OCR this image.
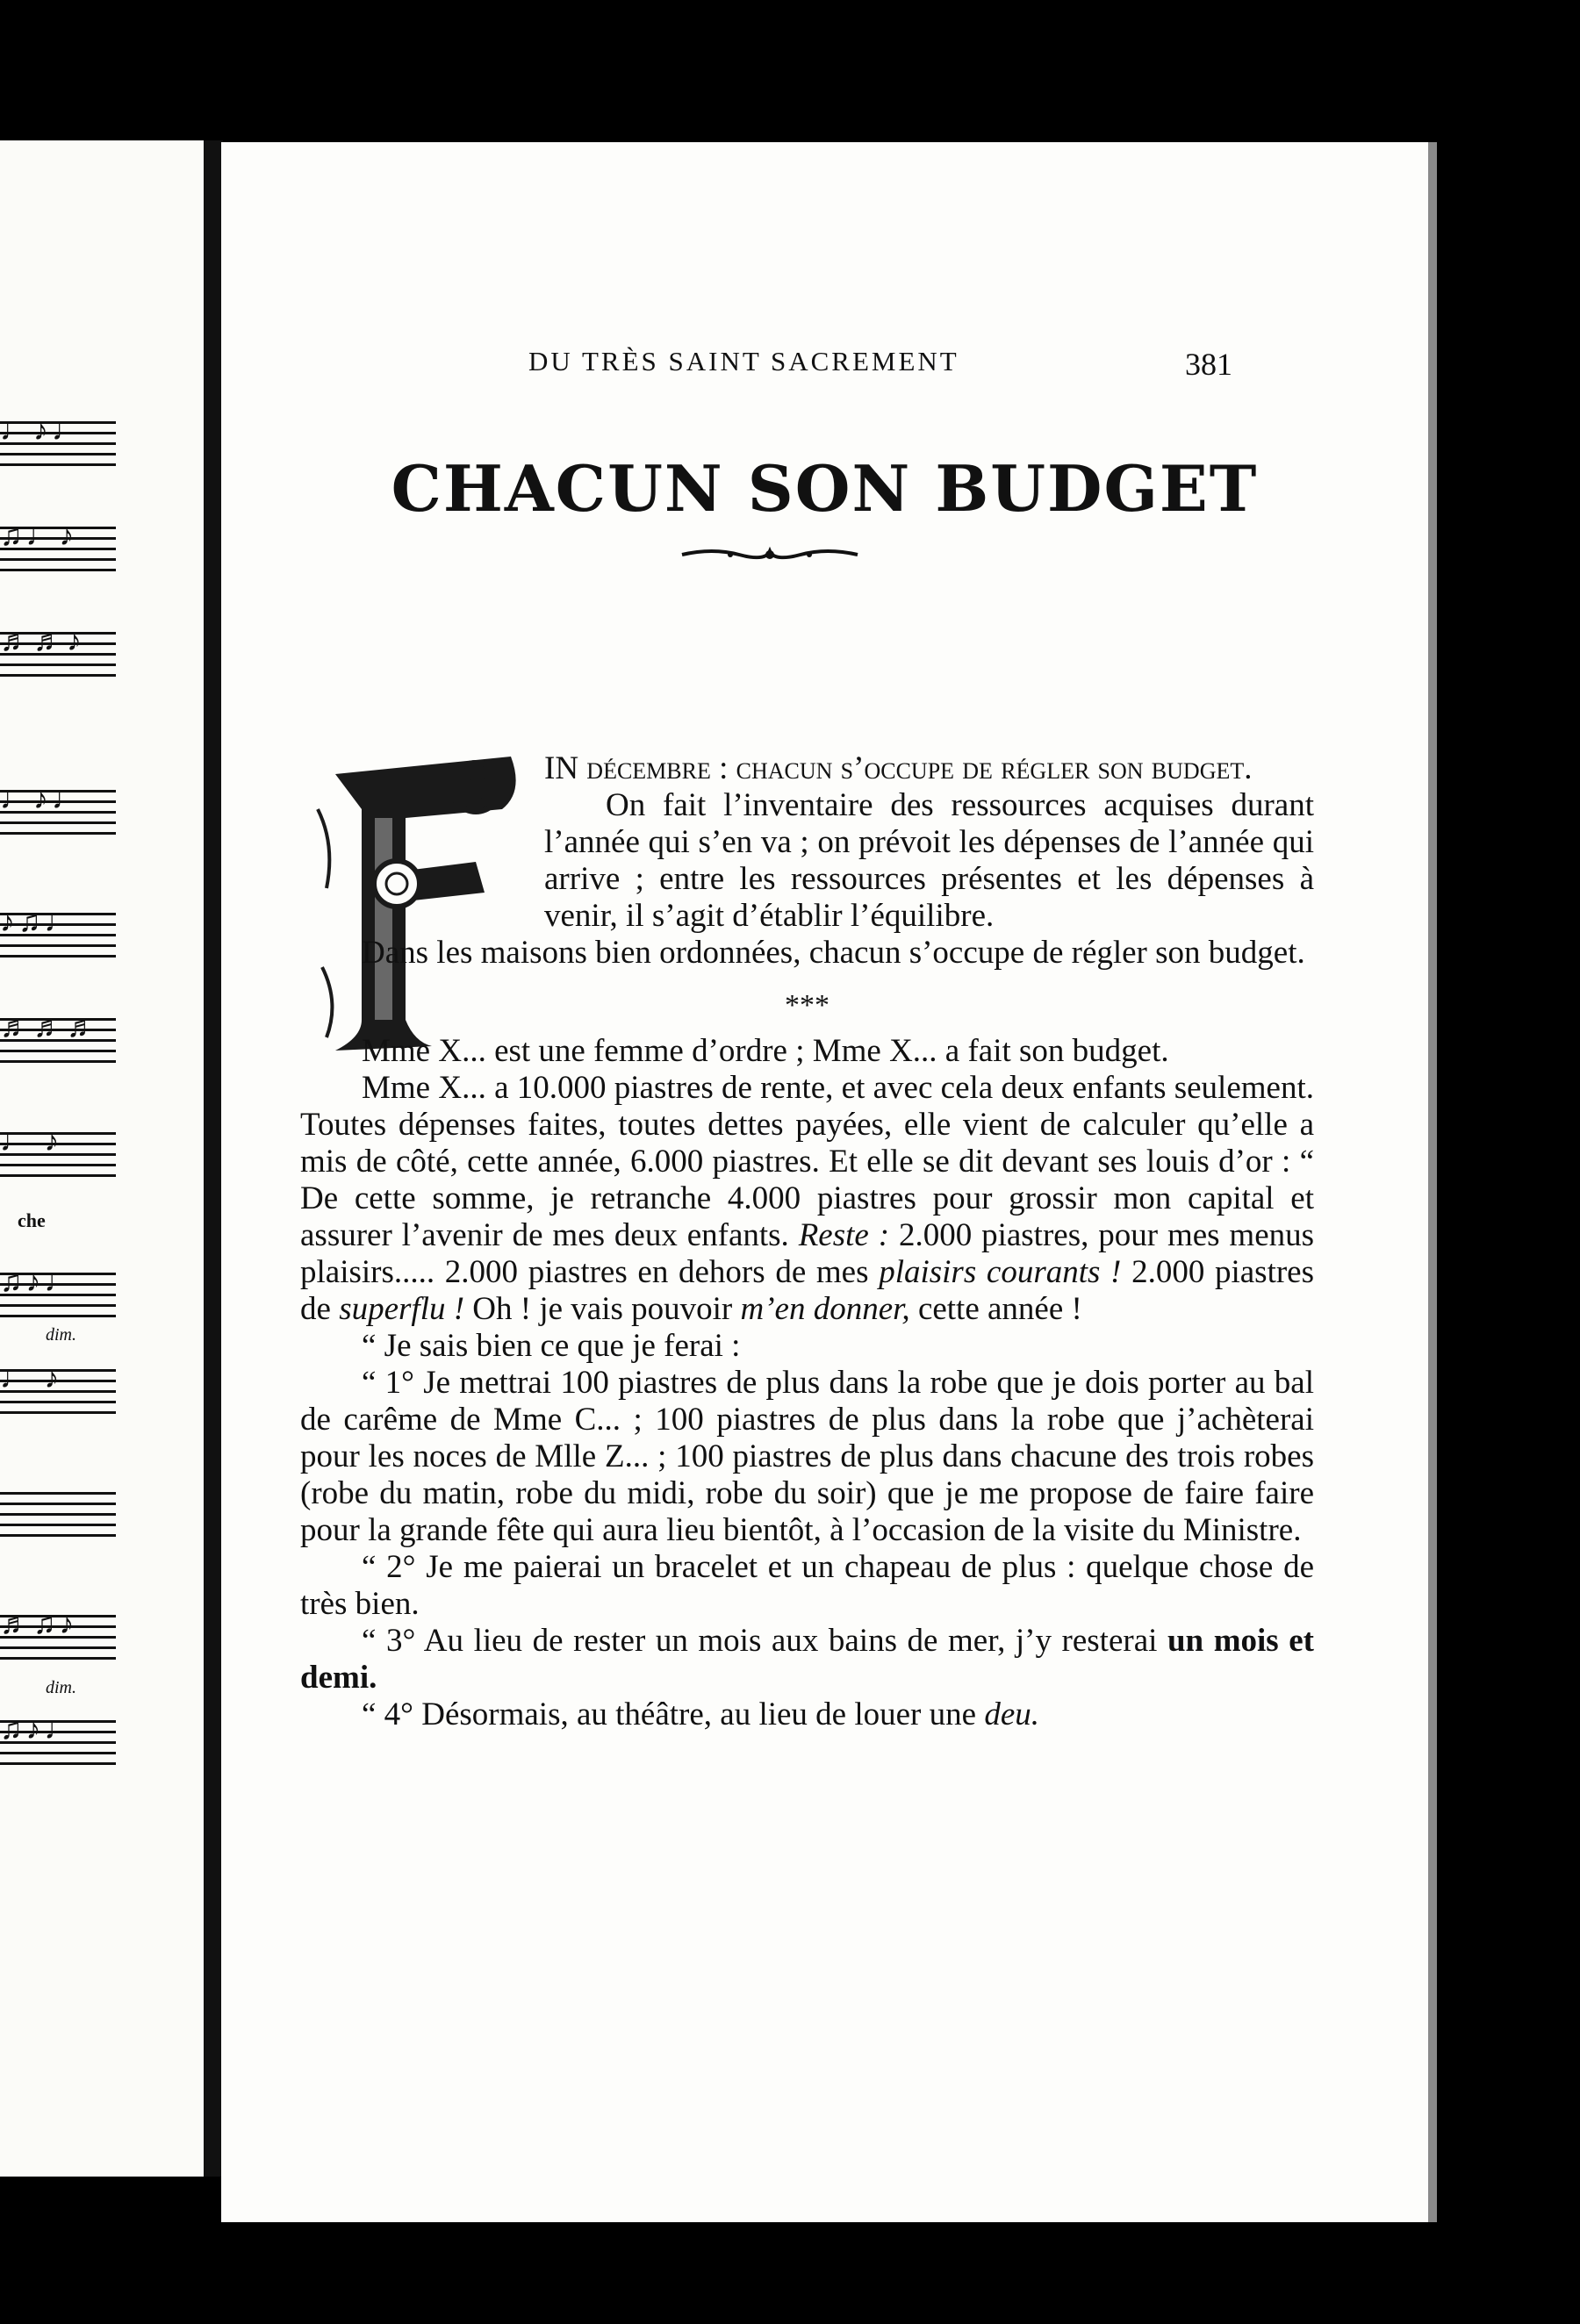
♩♪♩
♫♩♪
♬♬♪
♩♪♩
♪♫♩
♬♬♬
♩ ♪
che
♫♪♩
dim.
♩ ♪
♬♫♪
dim.
♫♪♩
DU TRÈS SAINT SACREMENT	381
CHACUN SON BUDGET

IN décembre : chacun s’occupe de régler son budget.

On fait l’inventaire des ressources acquises durant l’année qui s’en va ; on prévoit les dépenses de l’année qui arrive ; entre les ressources présentes et les dépenses à venir, il s’agit d’établir l’équilibre.

Dans les maisons bien ordonnées, chacun s’occupe de régler son budget.

***

Mme X... est une femme d’ordre ; Mme X... a fait son budget.

Mme X... a 10.000 piastres de rente, et avec cela deux enfants seulement. Toutes dépenses faites, toutes dettes payées, elle vient de calculer qu’elle a mis de côté, cette année, 6.000 piastres. Et elle se dit devant ses louis d’or : “ De cette somme, je retranche 4.000 piastres pour grossir mon capital et assurer l’avenir de mes deux enfants. Reste : 2.000 piastres, pour mes menus plaisirs..... 2.000 piastres en dehors de mes plaisirs courants ! 2.000 piastres de superflu ! Oh ! je vais pouvoir m’en donner, cette année !

“ Je sais bien ce que je ferai :

“ 1° Je mettrai 100 piastres de plus dans la robe que je dois porter au bal de carême de Mme C... ; 100 piastres de plus dans la robe que j’achèterai pour les noces de Mlle Z... ; 100 piastres de plus dans chacune des trois robes (robe du matin, robe du midi, robe du soir) que je me propose de faire faire pour la grande fête qui aura lieu bientôt, à l’occasion de la visite du Ministre.

“ 2° Je me paierai un bracelet et un chapeau de plus : quelque chose de très bien.

“ 3° Au lieu de rester un mois aux bains de mer, j’y resterai un mois et demi.

“ 4° Désormais, au théâtre, au lieu de louer une deu.
